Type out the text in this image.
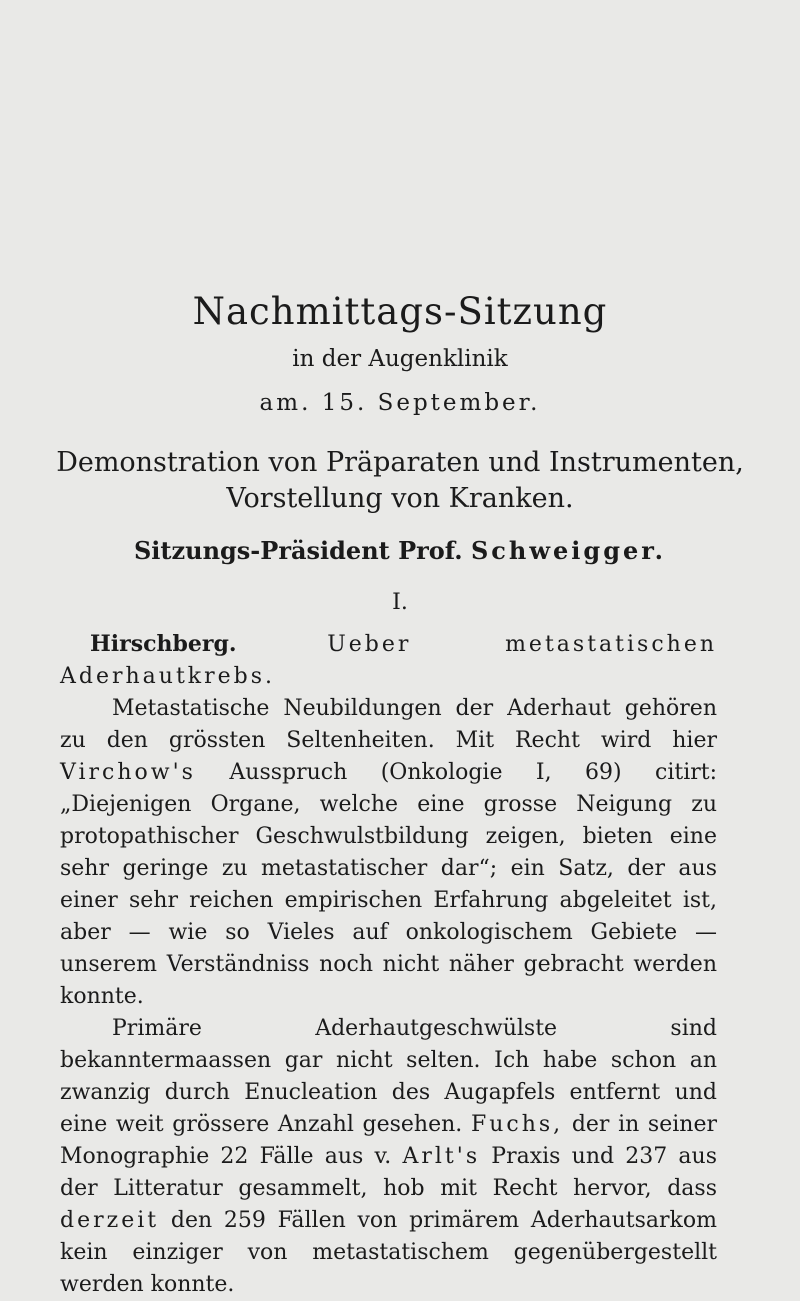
Nachmittags-Sitzung
in der Augenklinik
am. 15. September.
Demonstration von Präparaten und Instrumenten,
Vorstellung von Kranken.
Sitzungs-Präsident Prof. Schweigger.
I.

Hirschberg.	Ueber metastatischen Aderhautkrebs.

Metastatische Neubildungen der Aderhaut gehören zu den grössten Seltenheiten. Mit Recht wird hier Virchow's Ausspruch (Onkologie I, 69) citirt: „Diejenigen Organe, welche eine grosse Neigung zu protopathischer Geschwulstbildung zeigen, bieten eine sehr geringe zu metastatischer dar“; ein Satz, der aus einer sehr reichen empirischen Erfahrung abgeleitet ist, aber — wie so Vieles auf onkologischem Gebiete — unserem Verständniss noch nicht näher gebracht werden konnte.

Primäre Aderhautgeschwülste sind bekanntermaassen gar nicht selten. Ich habe schon an zwanzig durch Enucleation des Augapfels entfernt und eine weit grössere Anzahl gesehen. Fuchs, der in seiner Monographie 22 Fälle aus v. Arlt's Praxis und 237 aus der Litteratur gesammelt, hob mit Recht hervor, dass derzeit den 259 Fällen von primärem Aderhautsarkom kein einziger von metastatischem gegenübergestellt werden konnte.
